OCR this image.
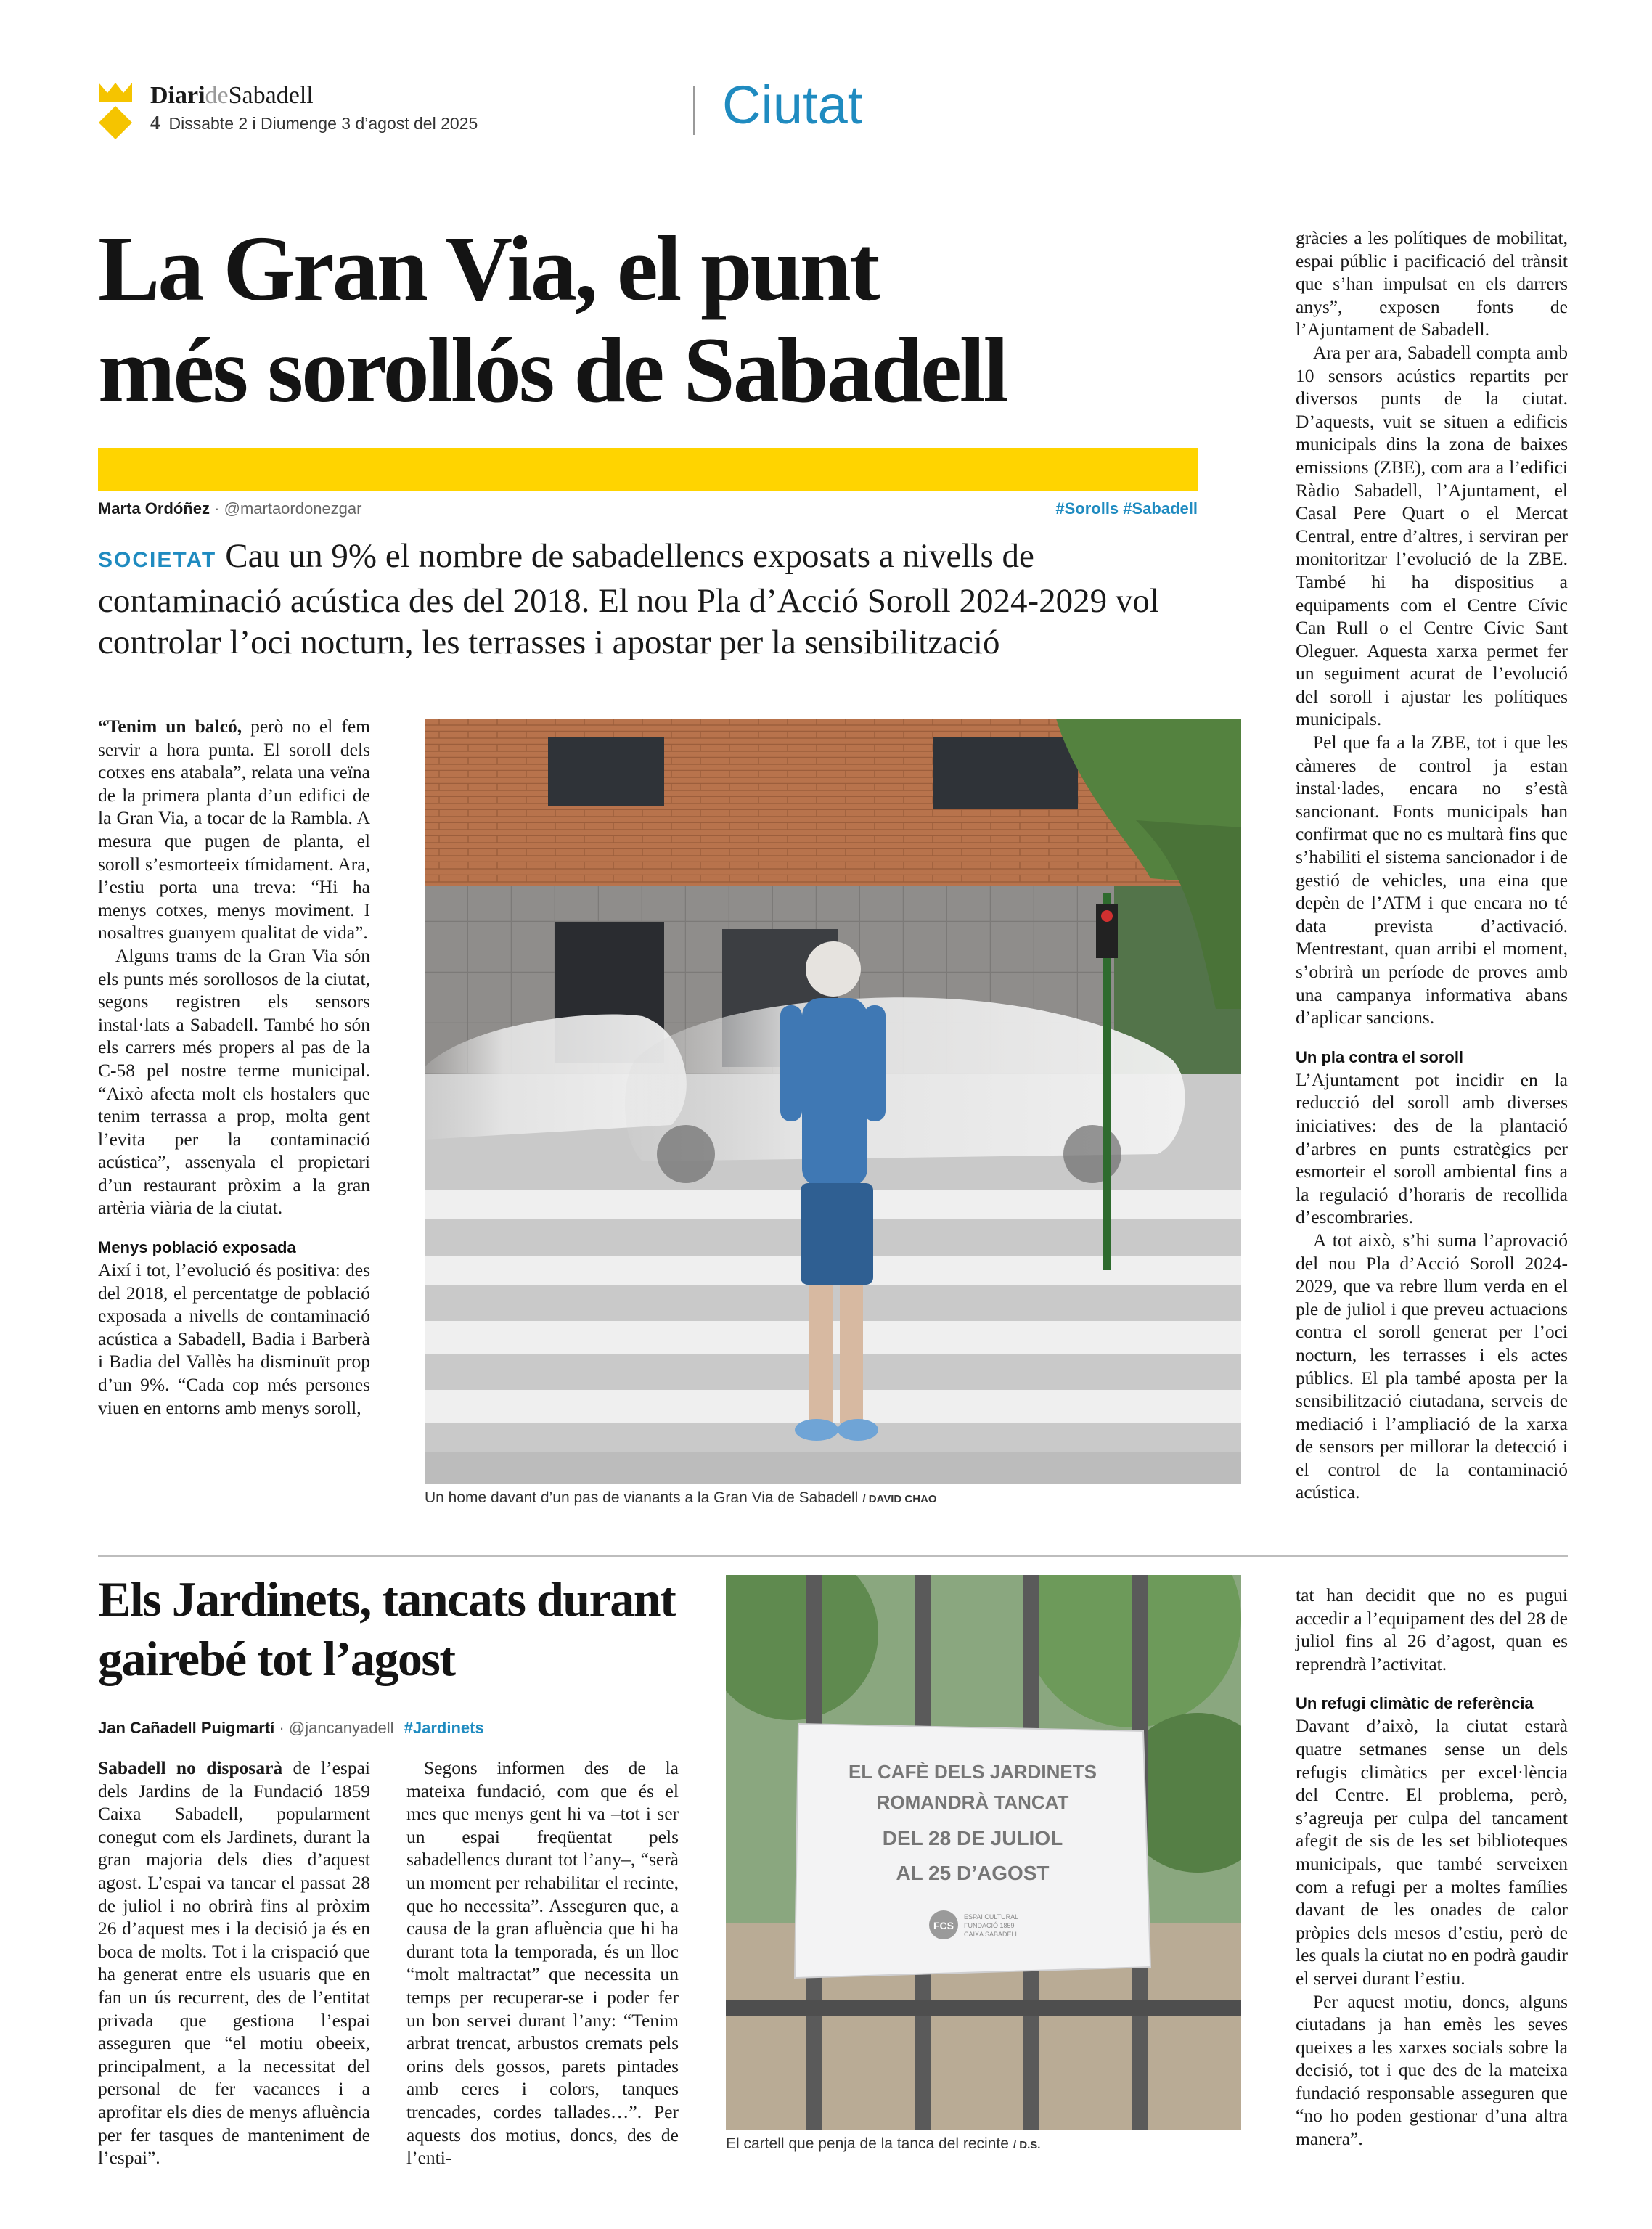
DiarideSabadell
4 Dissabte 2 i Diumenge 3 d’agost del 2025	Ciutat
La Gran Via, el punt
més sorollós de Sabadell
Marta Ordóñez · @martaordonezgar	#Sorolls #Sabadell
SOCIETAT Cau un 9% el nombre de sabadellencs exposats a nivells de contaminació acústica des del 2018. El nou Pla d’Acció Soroll 2024-2029 vol controlar l’oci nocturn, les terrasses i apostar per la sensibilització

“Tenim un balcó, però no el fem servir a hora punta. El soroll dels cotxes ens atabala”, relata una veïna de la primera planta d’un edifici de la Gran Via, a tocar de la Rambla. A mesura que pugen de planta, el soroll s’esmorteeix tímidament. Ara, l’estiu porta una treva: “Hi ha menys cotxes, menys moviment. I nosaltres guanyem qualitat de vida”.

Alguns trams de la Gran Via són els punts més sorollosos de la ciutat, segons registren els sensors instal·lats a Sabadell. També ho són els carrers més propers al pas de la C-58 pel nostre terme municipal. “Això afecta molt els hostalers que tenim terrassa a prop, molta gent l’evita per la contaminació acústica”, assenyala el propietari d’un restaurant pròxim a la gran artèria viària de la ciutat.

Menys població exposada

Així i tot, l’evolució és positiva: des del 2018, el percentatge de població exposada a nivells de contaminació acústica a Sabadell, Badia i Barberà i Badia del Vallès ha disminuït prop d’un 9%. “Cada cop més persones viuen en entorns amb menys soroll,

Un home davant d’un pas de vianants a la Gran Via de Sabadell / DAVID CHAO

gràcies a les polítiques de mobilitat, espai públic i pacificació del trànsit que s’han impulsat en els darrers anys”, exposen fonts de l’Ajuntament de Sabadell.

Ara per ara, Sabadell compta amb 10 sensors acústics repartits per diversos punts de la ciutat. D’aquests, vuit se situen a edificis municipals dins la zona de baixes emissions (ZBE), com ara a l’edifici Ràdio Sabadell, l’Ajuntament, el Casal Pere Quart o el Mercat Central, entre d’altres, i serviran per monitoritzar l’evolució de la ZBE. També hi ha dispositius a equipaments com el Centre Cívic Can Rull o el Centre Cívic Sant Oleguer. Aquesta xarxa permet fer un seguiment acurat de l’evolució del soroll i ajustar les polítiques municipals.

Pel que fa a la ZBE, tot i que les càmeres de control ja estan instal·lades, encara no s’està sancionant. Fonts municipals han confirmat que no es multarà fins que s’habiliti el sistema sancionador i de gestió de vehicles, una eina que depèn de l’ATM i que encara no té data prevista d’activació. Mentrestant, quan arribi el moment, s’obrirà un període de proves amb una campanya informativa abans d’aplicar sancions.

Un pla contra el soroll

L’Ajuntament pot incidir en la reducció del soroll amb diverses iniciatives: des de la plantació d’arbres en punts estratègics per esmorteir el soroll ambiental fins a la regulació d’horaris de recollida d’escombraries.

A tot això, s’hi suma l’aprovació del nou Pla d’Acció Soroll 2024-2029, que va rebre llum verda en el ple de juliol i que preveu actuacions contra el soroll generat per l’oci nocturn, les terrasses i els actes públics. El pla també aposta per la sensibilització ciutadana, serveis de mediació i l’ampliació de la xarxa de sensors per millorar la detecció i el control de la contaminació acústica.

Els Jardinets, tancats durant
gairebé tot l’agost
Jan Cañadell Puigmartí · @jancanyadell #Jardinets

Sabadell no disposarà de l’espai dels Jardins de la Fundació 1859 Caixa Sabadell, popularment conegut com els Jardinets, durant la gran majoria dels dies d’aquest agost. L’espai va tancar el passat 28 de juliol i no obrirà fins al pròxim 26 d’aquest mes i la decisió ja és en boca de molts. Tot i la crispació que ha generat entre els usuaris que en fan un ús recurrent, des de l’entitat privada que gestiona l’espai asseguren que “el motiu obeeix, principalment, a la necessitat del personal de fer vacances i a aprofitar els dies de menys afluència per fer tasques de manteniment de l’espai”.

Segons informen des de la mateixa fundació, com que és el mes que menys gent hi va –tot i ser un espai freqüentat pels sabadellencs durant tot l’any–, “serà un moment per rehabilitar el recinte, que ho necessita”. Asseguren que, a causa de la gran afluència que hi ha durant tota la temporada, és un lloc “molt maltractat” que necessita un temps per recuperar-se i poder fer un bon servei durant l’any: “Tenim arbrat trencat, arbustos cremats pels orins dels gossos, parets pintades amb ceres i colors, tanques trencades, cordes tallades…”. Per aquests dos motius, doncs, des de l’enti-

EL CAFÈ DELS JARDINETS
ROMANDRÀ TANCAT
DEL 28 DE JULIOL
AL 25 D’AGOST
FCS
ESPAI CULTURAL
FUNDACIÓ 1859
CAIXA SABADELL
El cartell que penja de la tanca del recinte / D.S.

tat han decidit que no es pugui accedir a l’equipament des del 28 de juliol fins al 26 d’agost, quan es reprendrà l’activitat.

Un refugi climàtic de referència

Davant d’això, la ciutat estarà quatre setmanes sense un dels refugis climàtics per excel·lència del Centre. El problema, però, s’agreuja per culpa del tancament afegit de sis de les set biblioteques municipals, que també serveixen com a refugi per a moltes famílies davant de les onades de calor pròpies dels mesos d’estiu, però de les quals la ciutat no en podrà gaudir el servei durant l’estiu.

Per aquest motiu, doncs, alguns ciutadans ja han emès les seves queixes a les xarxes socials sobre la decisió, tot i que des de la mateixa fundació responsable asseguren que “no ho poden gestionar d’una altra manera”.
